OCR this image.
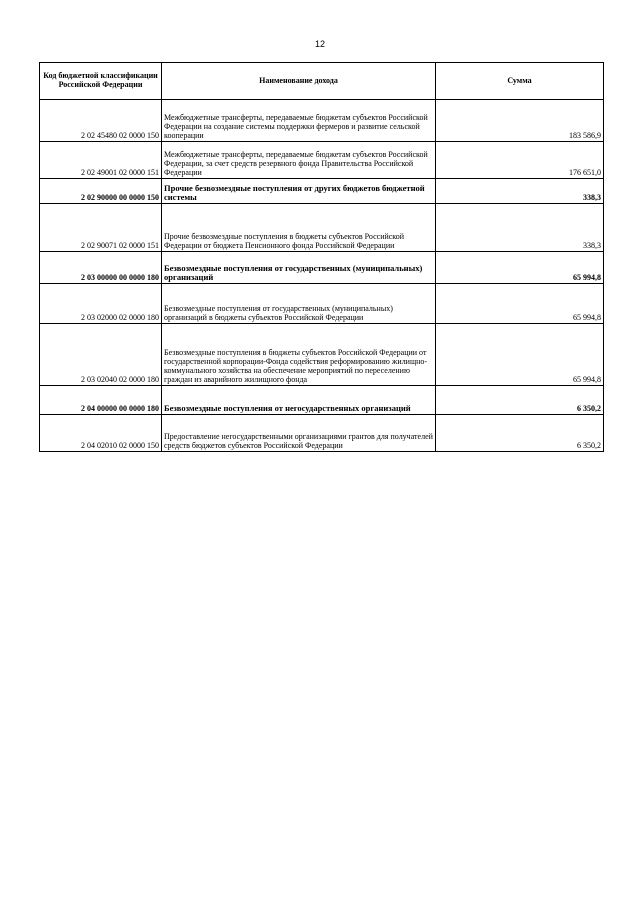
12
Код бюджетной классификации Российской Федерации	Наименование дохода	Сумма
2 02 45480 02 0000 150	Межбюджетные трансферты, передаваемые бюджетам субъектов Российской Федерации на создание системы поддержки фермеров и развитие сельской кооперации	183 586,9
2 02 49001 02 0000 151	Межбюджетные трансферты, передаваемые бюджетам субъектов Российской Федерации, за счет средств резервного фонда Правительства Российской Федерации	176 651,0
2 02 90000 00 0000 150	Прочие безвозмездные поступления от других бюджетов бюджетной системы	338,3
2 02 90071 02 0000 151	Прочие безвозмездные поступления в бюджеты субъектов Российской Федерации от бюджета Пенсионного фонда Российской Федерации	338,3
2 03 00000 00 0000 180	Безвозмездные поступления от государственных (муниципальных) организаций	65 994,8
2 03 02000 02 0000 180	Безвозмездные поступления от государственных (муниципальных) организаций в бюджеты субъектов Российской Федерации	65 994,8
2 03 02040 02 0000 180	Безвозмездные поступления в бюджеты субъектов Российской Федерации от государственной корпорации-Фонда содействия реформированию жилищно-коммунального хозяйства на обеспечение мероприятий по переселению граждан из аварийного жилищного фонда	65 994,8
2 04 00000 00 0000 180	Безвозмездные поступления от негосударственных организаций	6 350,2
2 04 02010 02 0000 150	Предоставление негосударственными организациями грантов для получателей средств бюджетов субъектов Российской Федерации	6 350,2
